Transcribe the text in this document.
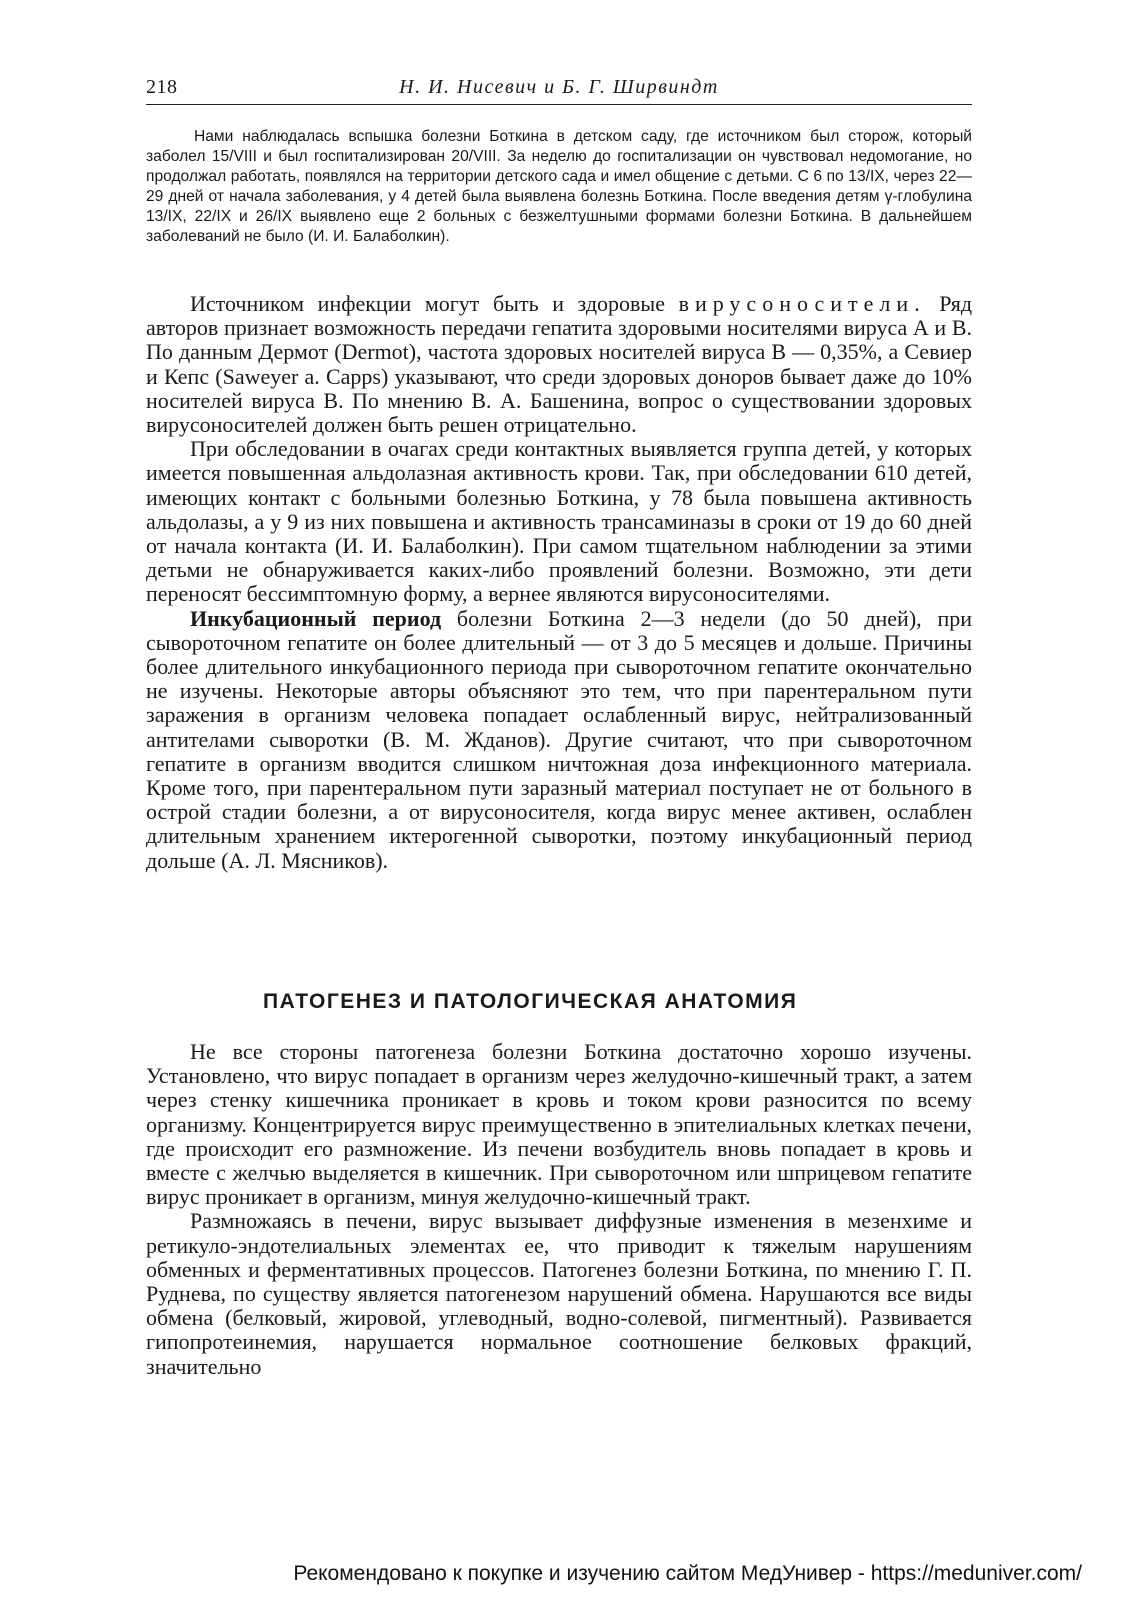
218	Н. И. Нисевич и Б. Г. Ширвиндт

Нами наблюдалась вспышка болезни Боткина в детском саду, где источником был сторож, который заболел 15/VIII и был госпитализирован 20/VIII. За неделю до госпитализации он чувствовал недомогание, но продолжал работать, появлялся на территории детского сада и имел общение с детьми. С 6 по 13/IX, через 22—29 дней от начала заболевания, у 4 детей была выявлена болезнь Боткина. После введения детям γ-глобулина 13/IX, 22/IX и 26/IX выявлено еще 2 больных с безжелтушными формами болезни Боткина. В дальнейшем заболеваний не было (И. И. Балаболкин).

Источником инфекции могут быть и здоровые вирусоносители. Ряд авторов признает возможность передачи гепатита здоровыми носителями вируса А и В. По данным Дермот (Dermot), частота здоровых носителей вируса В — 0,35%, а Севиер и Кепс (Saweyer a. Capps) указывают, что среди здоровых доноров бывает даже до 10% носителей вируса В. По мнению В. А. Башенина, вопрос о существовании здоровых вирусоносителей должен быть решен отрицательно.

При обследовании в очагах среди контактных выявляется группа детей, у которых имеется повышенная альдолазная активность крови. Так, при обследовании 610 детей, имеющих контакт с больными болезнью Боткина, у 78 была повышена активность альдолазы, а у 9 из них повышена и активность трансаминазы в сроки от 19 до 60 дней от начала контакта (И. И. Балаболкин). При самом тщательном наблюдении за этими детьми не обнаруживается каких-либо проявлений болезни. Возможно, эти дети переносят бессимптомную форму, а вернее являются вирусоносителями.

Инкубационный период болезни Боткина 2—3 недели (до 50 дней), при сывороточном гепатите он более длительный — от 3 до 5 месяцев и дольше. Причины более длительного инкубационного периода при сывороточном гепатите окончательно не изучены. Некоторые авторы объясняют это тем, что при парентеральном пути заражения в организм человека попадает ослабленный вирус, нейтрализованный антителами сыворотки (В. М. Жданов). Другие считают, что при сывороточном гепатите в организм вводится слишком ничтожная доза инфекционного материала. Кроме того, при парентеральном пути заразный материал поступает не от больного в острой стадии болезни, а от вирусоносителя, когда вирус менее активен, ослаблен длительным хранением иктерогенной сыворотки, поэтому инкубационный период дольше (А. Л. Мясников).

ПАТОГЕНЕЗ И ПАТОЛОГИЧЕСКАЯ АНАТОМИЯ

Не все стороны патогенеза болезни Боткина достаточно хорошо изучены. Установлено, что вирус попадает в организм через желудочно-кишечный тракт, а затем через стенку кишечника проникает в кровь и током крови разносится по всему организму. Концентрируется вирус преимущественно в эпителиальных клетках печени, где происходит его размножение. Из печени возбудитель вновь попадает в кровь и вместе с желчью выделяется в кишечник. При сывороточном или шприцевом гепатите вирус проникает в организм, минуя желудочно-кишечный тракт.

Размножаясь в печени, вирус вызывает диффузные изменения в мезенхиме и ретикуло-эндотелиальных элементах ее, что приводит к тяжелым нарушениям обменных и ферментативных процессов. Патогенез болезни Боткина, по мнению Г. П. Руднева, по существу является патогенезом нарушений обмена. Нарушаются все виды обмена (белковый, жировой, углеводный, водно-солевой, пигментный). Развивается гипопротеинемия, нарушается нормальное соотношение белковых фракций, значительно

Рекомендовано к покупке и изучению сайтом МедУнивер - https://meduniver.com/
